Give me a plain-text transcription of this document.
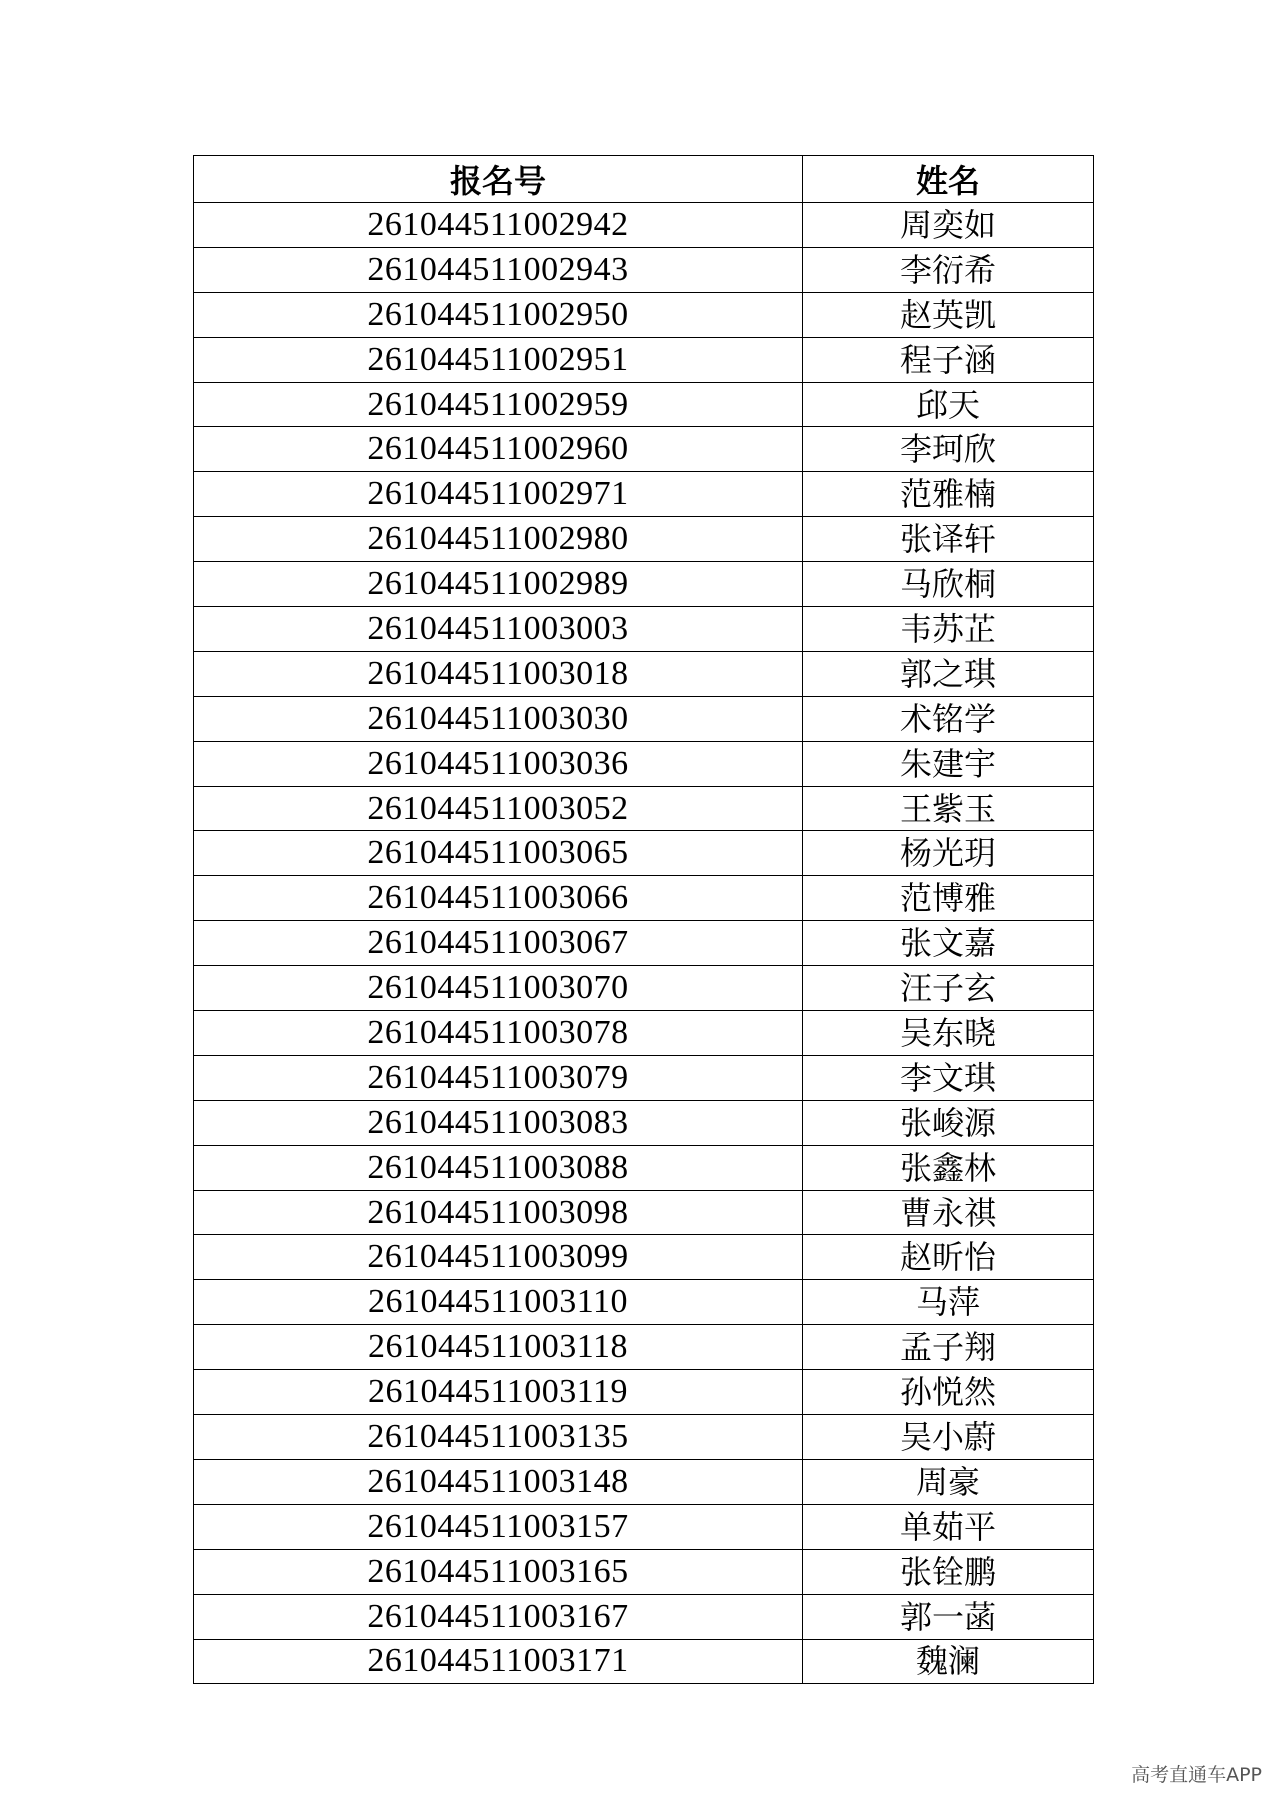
报名号	姓名
261044511002942	周奕如
261044511002943	李衍希
261044511002950	赵英凯
261044511002951	程子涵
261044511002959	邱天
261044511002960	李珂欣
261044511002971	范雅楠
261044511002980	张译轩
261044511002989	马欣桐
261044511003003	韦苏芷
261044511003018	郭之琪
261044511003030	术铭学
261044511003036	朱建宇
261044511003052	王紫玉
261044511003065	杨光玥
261044511003066	范博雅
261044511003067	张文嘉
261044511003070	汪子玄
261044511003078	吴东晓
261044511003079	李文琪
261044511003083	张峻源
261044511003088	张鑫林
261044511003098	曹永祺
261044511003099	赵昕怡
261044511003110	马萍
261044511003118	孟子翔
261044511003119	孙悦然
261044511003135	吴小蔚
261044511003148	周豪
261044511003157	单茹平
261044511003165	张铨鹏
261044511003167	郭一菡
261044511003171	魏澜
高考直通车APP
